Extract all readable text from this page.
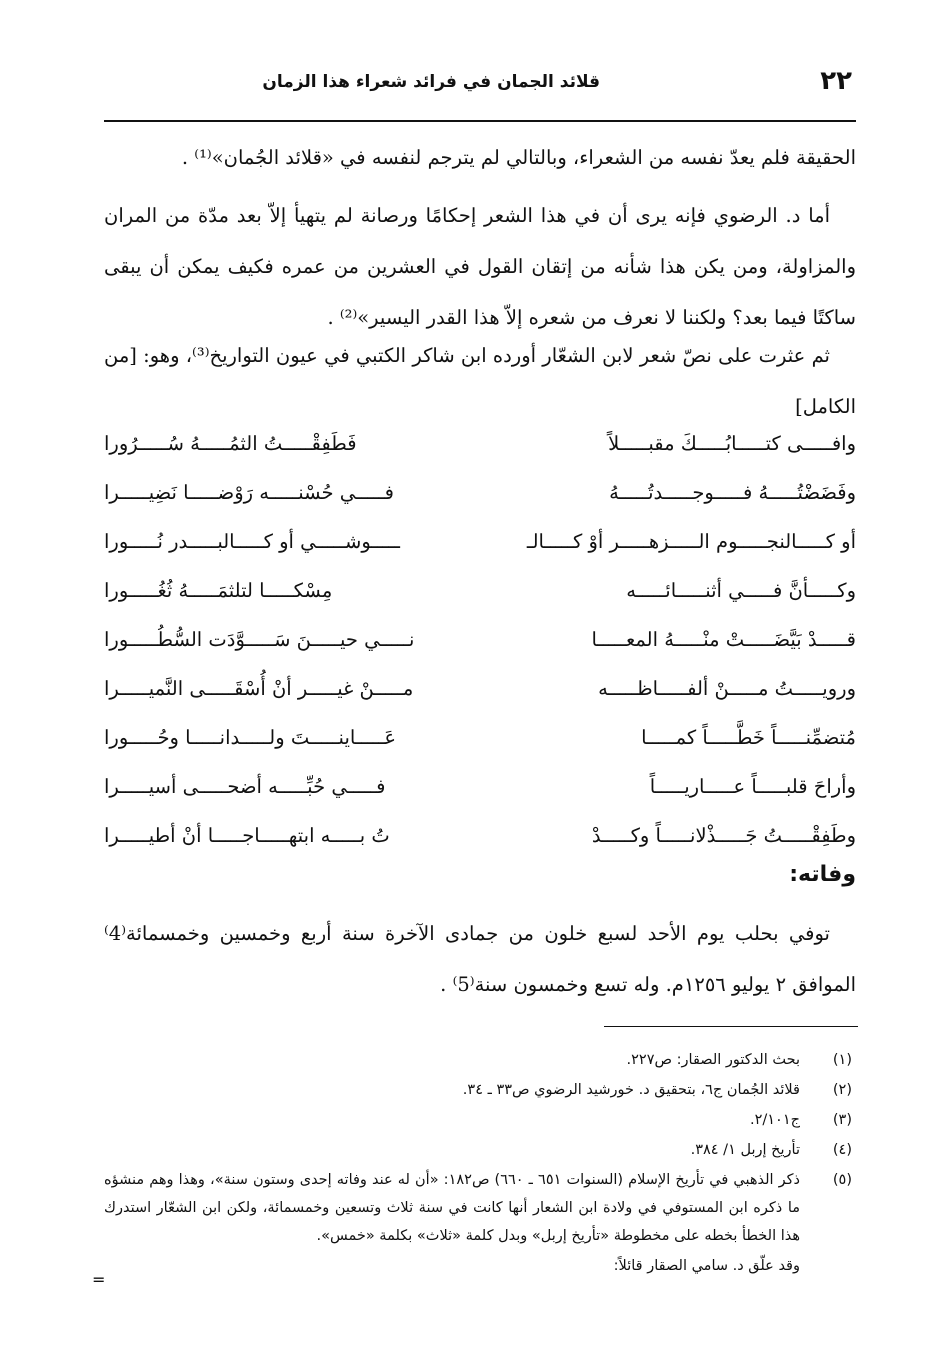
٢٢
قلائد الجمان في فرائد شعراء هذا الزمان

الحقيقة فلم يعدّ نفسه من الشعراء، وبالتالي لم يترجم لنفسه في «قلائد الجُمان»⁽¹⁾ .

أما د. الرضوي فإنه يرى أن في هذا الشعر إحكامًا ورصانة لم يتهيأ إلاّ بعد مدّة من المران والمزاولة، ومن يكن هذا شأنه من إتقان القول في العشرين من عمره فكيف يمكن أن يبقى ساكتًا فيما بعد؟ ولكننا لا نعرف من شعره إلاّ هذا القدر اليسير»⁽²⁾ .

ثم عثرت على نصّ شعر لابن الشعّار أورده ابن شاكر الكتبي في عيون التواريخ⁽³⁾، وهو: [من الكامل]

وافـــــى كتـــــابُـــــكَ مقبـــــلاً
فَطَفِقْـــــتُ الثمُـــــهُ سُـــــرُورا
وفَضَضْتُـــــهُ فـــــوجـــــدتُـــــهُ
فـــــي حُسْنـــــه رَوْضـــــا نَضِيـــــرا
أو كـــــالنجـــــوم الـــــزهـــــر أوْ كـــــالـ
ـــــوشـــــي أو كـــــالبـــــدر نُـــــورا
وكـــــأنَّ فـــــي أثنـــــائـــــه
مِسْكـــــا لتلثمَـــــهُ ثُغُـــــورا
قـــــدْ بَيَّضَـــــتْ منْـــــهُ المعـــــا
نـــــي حيـــــنَ سَـــــوَّدَت السُّطُـــــورا
ورويـــــتُ مـــــنْ ألفـــــاظـــــه
مـــــنْ غيـــــر أنْ أُسْقَـــــى النَّميـــــرا
مُتضمِّنـــــاً خَطَّـــــاً كمـــــا
عَـــــاينـــــتَ ولـــــدانـــــا وحُـــــورا
وأراحَ قلبـــــاً عـــــاريـــــاً
فـــــي حُبِّـــــه أضحـــــى أسيـــــرا
وطَفِقْـــــتُ جَـــــذْلانـــــاً وكـــــدْ
تُ بـــــه ابتهـــــاجـــــا أنْ أطيـــــرا
وفاته:

توفي بحلب يوم الأحد لسبع خلون من جمادى الآخرة سنة أربع وخمسين وخمسمائة⁽4⁾ الموافق ٢ يوليو ١٢٥٦م. وله تسع وخمسون سنة⁽5⁾ .

(١)
بحث الدكتور الصقار: ص٢٢٧.
(٢)
قلائد الجُمان ج٦، بتحقيق د. خورشيد الرضوي ص٣٣ ـ ٣٤.
(٣)
ج٢/١٠١.
(٤)
تأريخ إربل ١/ ٣٨٤.
(٥)
ذكر الذهبي في تأريخ الإسلام (السنوات ٦٥١ ـ ٦٦٠) ص١٨٢: «أن له عند وفاته إحدى وستون سنة»، وهذا وهم منشؤه ما ذكره ابن المستوفي في ولادة ابن الشعار أنها كانت في سنة ثلاث وتسعين وخمسمائة، ولكن ابن الشعّار استدرك هذا الخطأ بخطه على مخطوطة «تأريخ إربل» وبدل كلمة «ثلاث» بكلمة «خمس».
وقد علّق د. سامي الصقار قائلاً:
=
